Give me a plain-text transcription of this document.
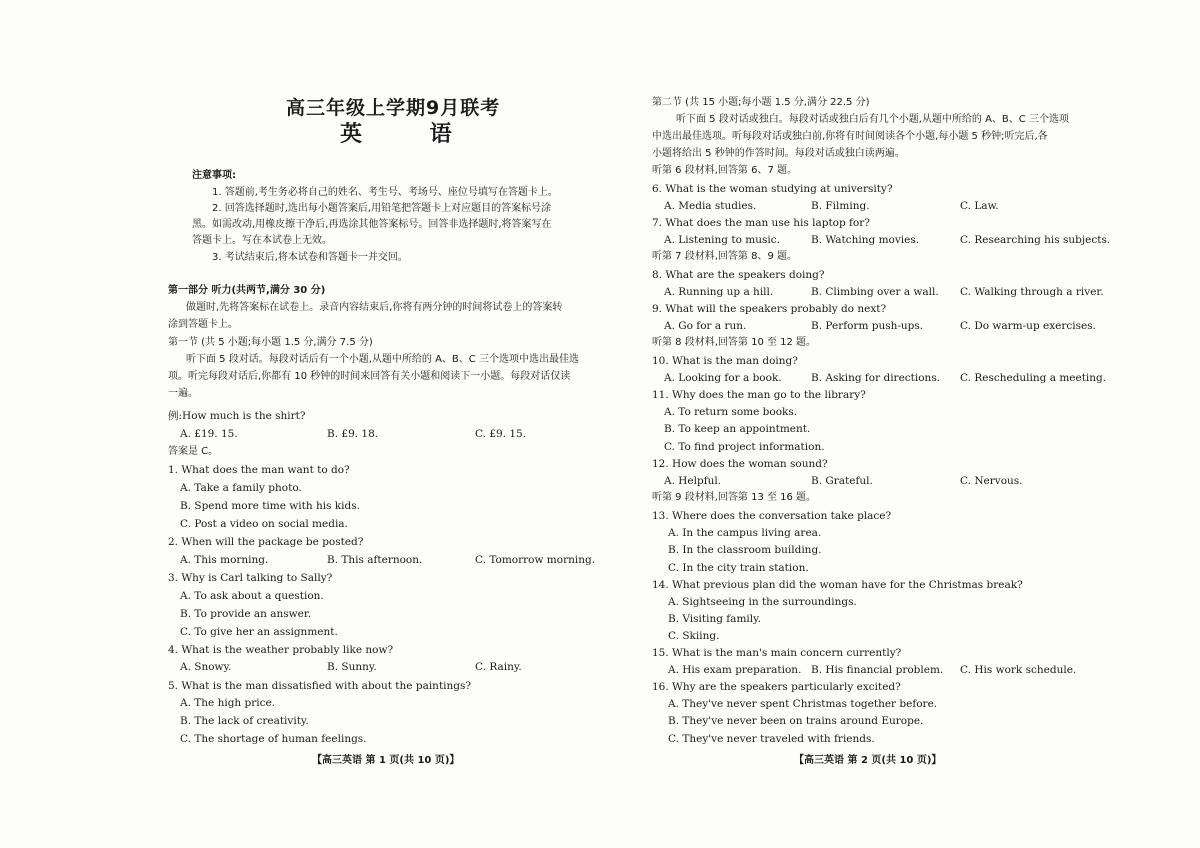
高三年级上学期9月联考
英 语
注意事项:
1. 答题前,考生务必将自己的姓名、考生号、考场号、座位号填写在答题卡上。
2. 回答选择题时,选出每小题答案后,用铅笔把答题卡上对应题目的答案标号涂
黑。如需改动,用橡皮擦干净后,再选涂其他答案标号。回答非选择题时,将答案写在
答题卡上。写在本试卷上无效。
3. 考试结束后,将本试卷和答题卡一并交回。
第一部分 听力(共两节,满分 30 分)
做题时,先将答案标在试卷上。录音内容结束后,你将有两分钟的时间将试卷上的答案转
涂到答题卡上。
第一节 (共 5 小题;每小题 1.5 分,满分 7.5 分)
听下面 5 段对话。每段对话后有一个小题,从题中所给的 A、B、C 三个选项中选出最佳选
项。听完每段对话后,你都有 10 秒钟的时间来回答有关小题和阅读下一小题。每段对话仅读
一遍。
例:How much is the shirt?
A. £19. 15.	B. £9. 18.	C. £9. 15.
答案是 C。
1. What does the man want to do?
A. Take a family photo.
B. Spend more time with his kids.
C. Post a video on social media.
2. When will the package be posted?
A. This morning.	B. This afternoon.	C. Tomorrow morning.
3. Why is Carl talking to Sally?
A. To ask about a question.
B. To provide an answer.
C. To give her an assignment.
4. What is the weather probably like now?
A. Snowy.	B. Sunny.	C. Rainy.
5. What is the man dissatisfied with about the paintings?
A. The high price.
B. The lack of creativity.
C. The shortage of human feelings.
【高三英语 第 1 页(共 10 页)】
第二节 (共 15 小题;每小题 1.5 分,满分 22.5 分)
听下面 5 段对话或独白。每段对话或独白后有几个小题,从题中所给的 A、B、C 三个选项
中选出最佳选项。听每段对话或独白前,你将有时间阅读各个小题,每小题 5 秒钟;听完后,各
小题将给出 5 秒钟的作答时间。每段对话或独白读两遍。
听第 6 段材料,回答第 6、7 题。
6. What is the woman studying at university?
A. Media studies.	B. Filming.	C. Law.
7. What does the man use his laptop for?
A. Listening to music.	B. Watching movies.	C. Researching his subjects.
听第 7 段材料,回答第 8、9 题。
8. What are the speakers doing?
A. Running up a hill.	B. Climbing over a wall. C. Walking through a river.
9. What will the speakers probably do next?
A. Go for a run.	B. Perform push-ups.	C. Do warm-up exercises.
听第 8 段材料,回答第 10 至 12 题。
10. What is the man doing?
A. Looking for a book.	B. Asking for directions. C. Rescheduling a meeting.
11. Why does the man go to the library?
A. To return some books.
B. To keep an appointment.
C. To find project information.
12. How does the woman sound?
A. Helpful.	B. Grateful.	C. Nervous.
听第 9 段材料,回答第 13 至 16 题。
13. Where does the conversation take place?
A. In the campus living area.
B. In the classroom building.
C. In the city train station.
14. What previous plan did the woman have for the Christmas break?
A. Sightseeing in the surroundings.
B. Visiting family.
C. Skiing.
15. What is the man's main concern currently?
A. His exam preparation. B. His financial problem. C. His work schedule.
16. Why are the speakers particularly excited?
A. They've never spent Christmas together before.
B. They've never been on trains around Europe.
C. They've never traveled with friends.
【高三英语 第 2 页(共 10 页)】
